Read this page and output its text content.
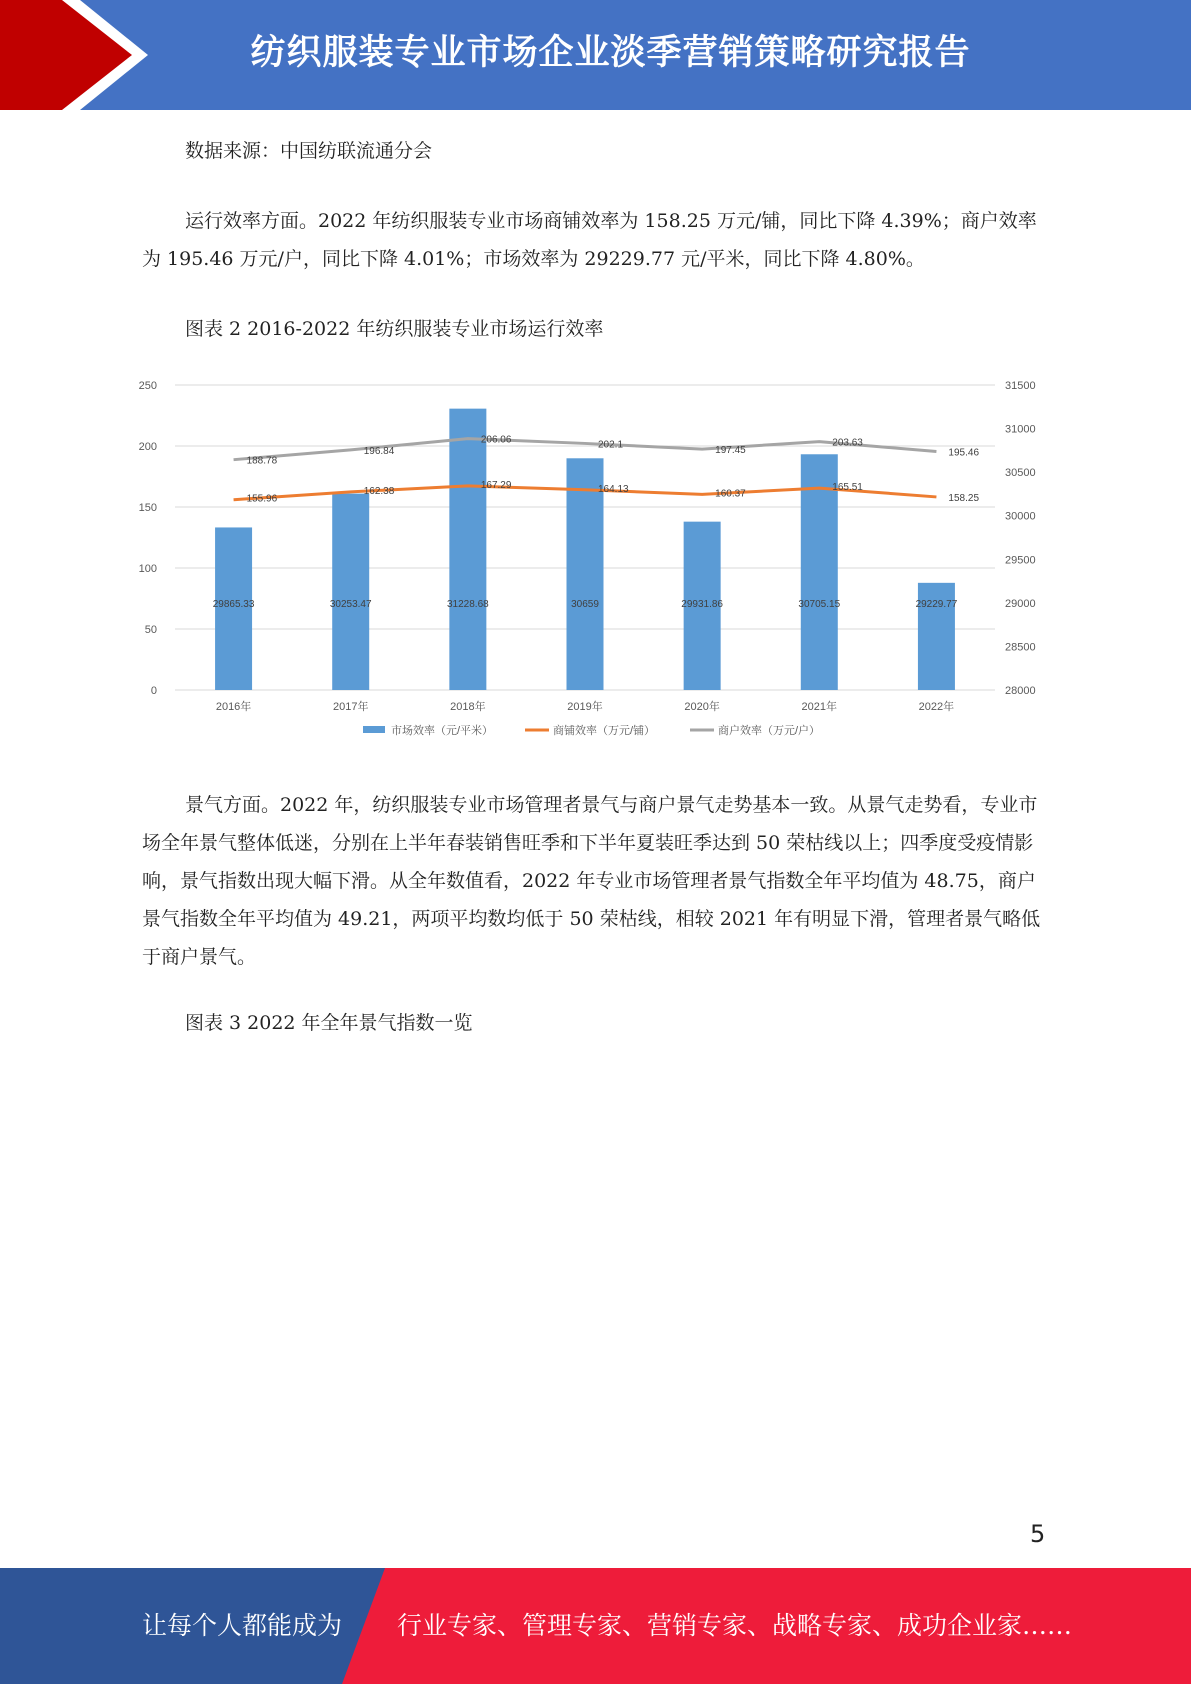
纺织服装专业市场企业淡季营销策略研究报告

数据来源：中国纺联流通分会

运行效率方面。2022 年纺织服装专业市场商铺效率为 158.25 万元/铺，同比下降 4.39%；商户效率为 195.46 万元/户，同比下降 4.01%；市场效率为 29229.77 元/平米，同比下降 4.80%。

图表 2 2016-2022 年纺织服装专业市场运行效率

0
50
100
150
200
250
28000
28500
29000
29500
30000
30500
31000
31500
29865.33	30253.47	31228.68	30659	29931.86	30705.15	29229.77
155.96
162.38
167.29	164.13	160.37
165.51
158.25
188.78
196.84
206.06	202.1
197.45
203.63
195.46
2016年	2017年	2018年	2019年	2020年	2021年	2022年
市场效率（元/平米）	商铺效率（万元/铺）	商户效率（万元/户）

景气方面。2022 年，纺织服装专业市场管理者景气与商户景气走势基本一致。从景气走势看，专业市场全年景气整体低迷，分别在上半年春装销售旺季和下半年夏装旺季达到 50 荣枯线以上；四季度受疫情影响，景气指数出现大幅下滑。从全年数值看，2022 年专业市场管理者景气指数全年平均值为 48.75，商户景气指数全年平均值为 49.21，两项平均数均低于 50 荣枯线，相较 2021 年有明显下滑，管理者景气略低于商户景气。

图表 3 2022 年全年景气指数一览

5
让每个人都能成为 行业专家、管理专家、营销专家、战略专家、成功企业家……
